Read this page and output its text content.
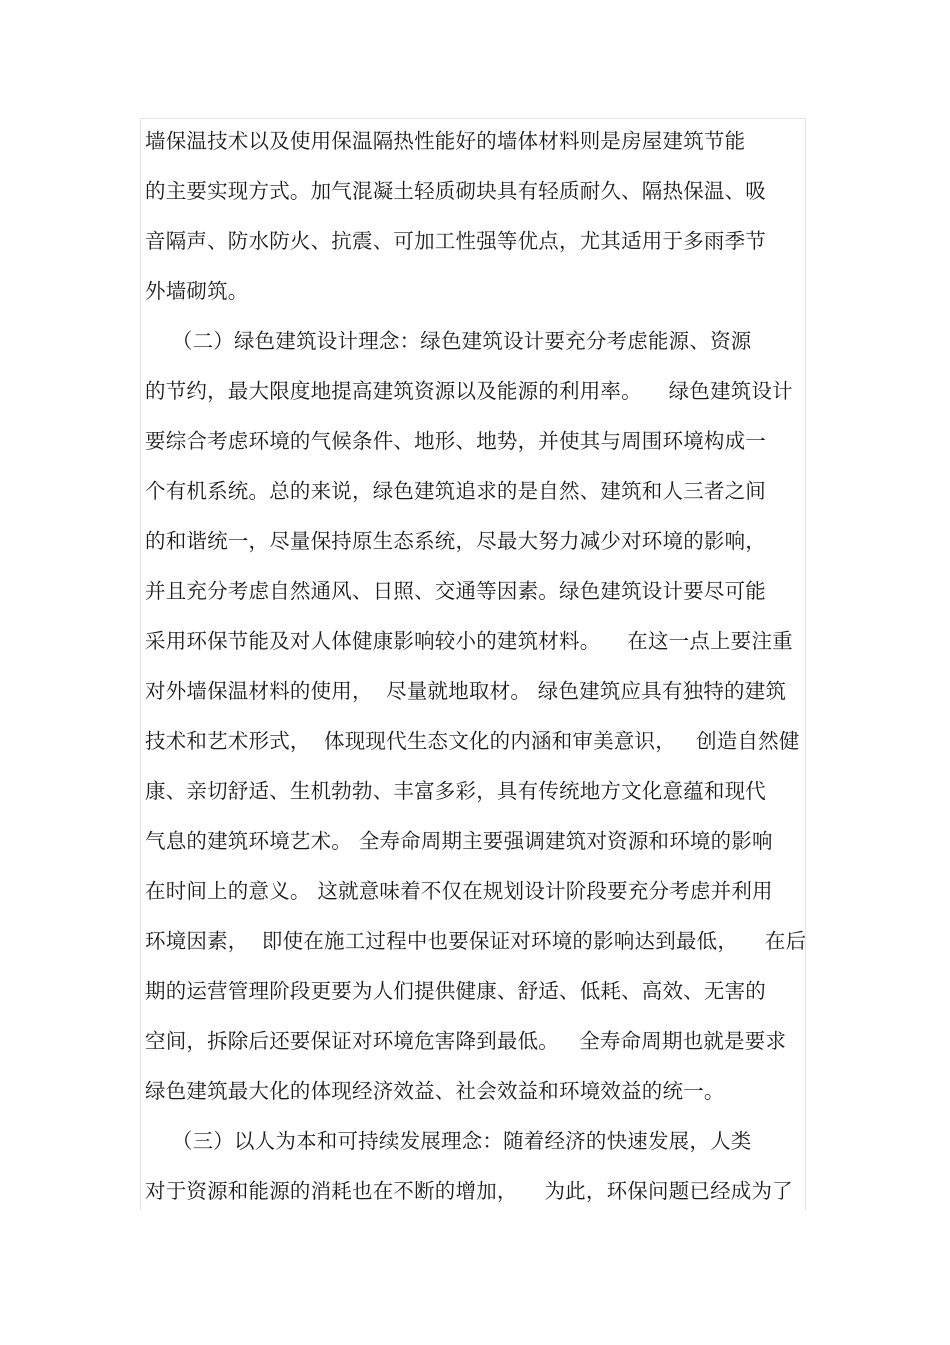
墙保温技术以及使用保温隔热性能好的墙体材料则是房屋建筑节能
的主要实现方式。加气混凝土轻质砌块具有轻质耐久、隔热保温、吸
音隔声、防水防火、抗震、可加工性强等优点，尤其适用于多雨季节
外墙砌筑。
（二）绿色建筑设计理念：绿色建筑设计要充分考虑能源、资源
的节约，最大限度地提高建筑资源以及能源的利用率。    绿色建筑设计
要综合考虑环境的气候条件、地形、地势，并使其与周围环境构成一
个有机系统。总的来说，绿色建筑追求的是自然、建筑和人三者之间
的和谐统一，尽量保持原生态系统，尽最大努力减少对环境的影响，
并且充分考虑自然通风、日照、交通等因素。绿色建筑设计要尽可能
采用环保节能及对人体健康影响较小的建筑材料。    在这一点上要注重
对外墙保温材料的使用，  尽量就地取材。 绿色建筑应具有独特的建筑
技术和艺术形式，  体现现代生态文化的内涵和审美意识，   创造自然健
康、亲切舒适、生机勃勃、丰富多彩，具有传统地方文化意蕴和现代
气息的建筑环境艺术。 全寿命周期主要强调建筑对资源和环境的影响
在时间上的意义。 这就意味着不仅在规划设计阶段要充分考虑并利用
环境因素，  即使在施工过程中也要保证对环境的影响达到最低，    在后
期的运营管理阶段更要为人们提供健康、舒适、低耗、高效、无害的
空间，拆除后还要保证对环境危害降到最低。   全寿命周期也就是要求
绿色建筑最大化的体现经济效益、社会效益和环境效益的统一。
（三）以人为本和可持续发展理念：随着经济的快速发展，人类
对于资源和能源的消耗也在不断的增加，    为此，环保问题已经成为了
